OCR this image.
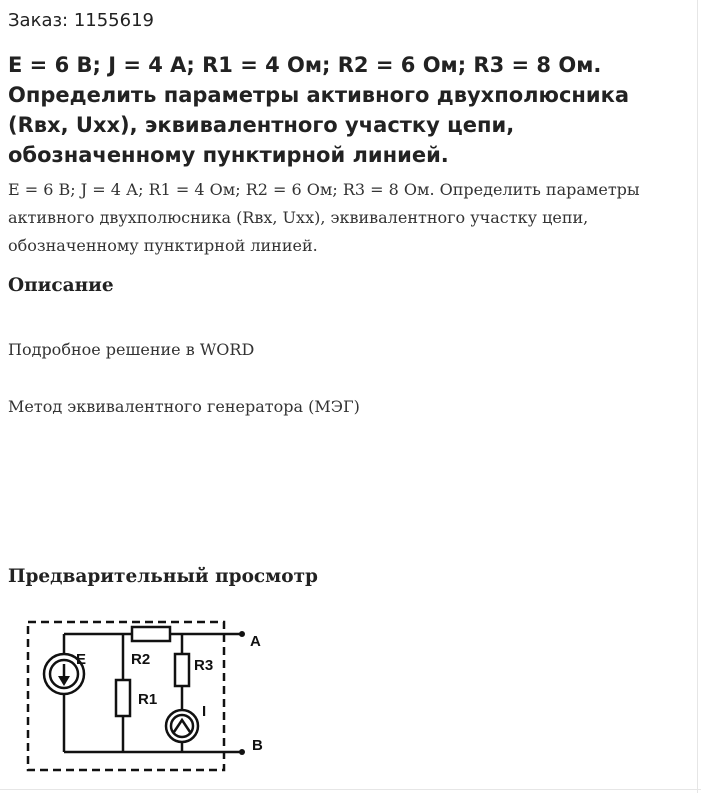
Заказ: 1155619
E = 6 В; J = 4 А; R1 = 4 Ом; R2 = 6 Ом; R3 = 8 Ом. Определить параметры активного двухполюсника (Rвх, Uхх), эквивалентного участку цепи, обозначенному пунктирной линией.

E = 6 В; J = 4 А; R1 = 4 Ом; R2 = 6 Ом; R3 = 8 Ом. Определить параметры активного двухполюсника (Rвх, Uхх), эквивалентного участку цепи, обозначенному пунктирной линией.

Описание

Подробное решение в WORD

Метод эквивалентного генератора (МЭГ)

Предварительный просмотр
E	R2	R3
R1
I
A
B
